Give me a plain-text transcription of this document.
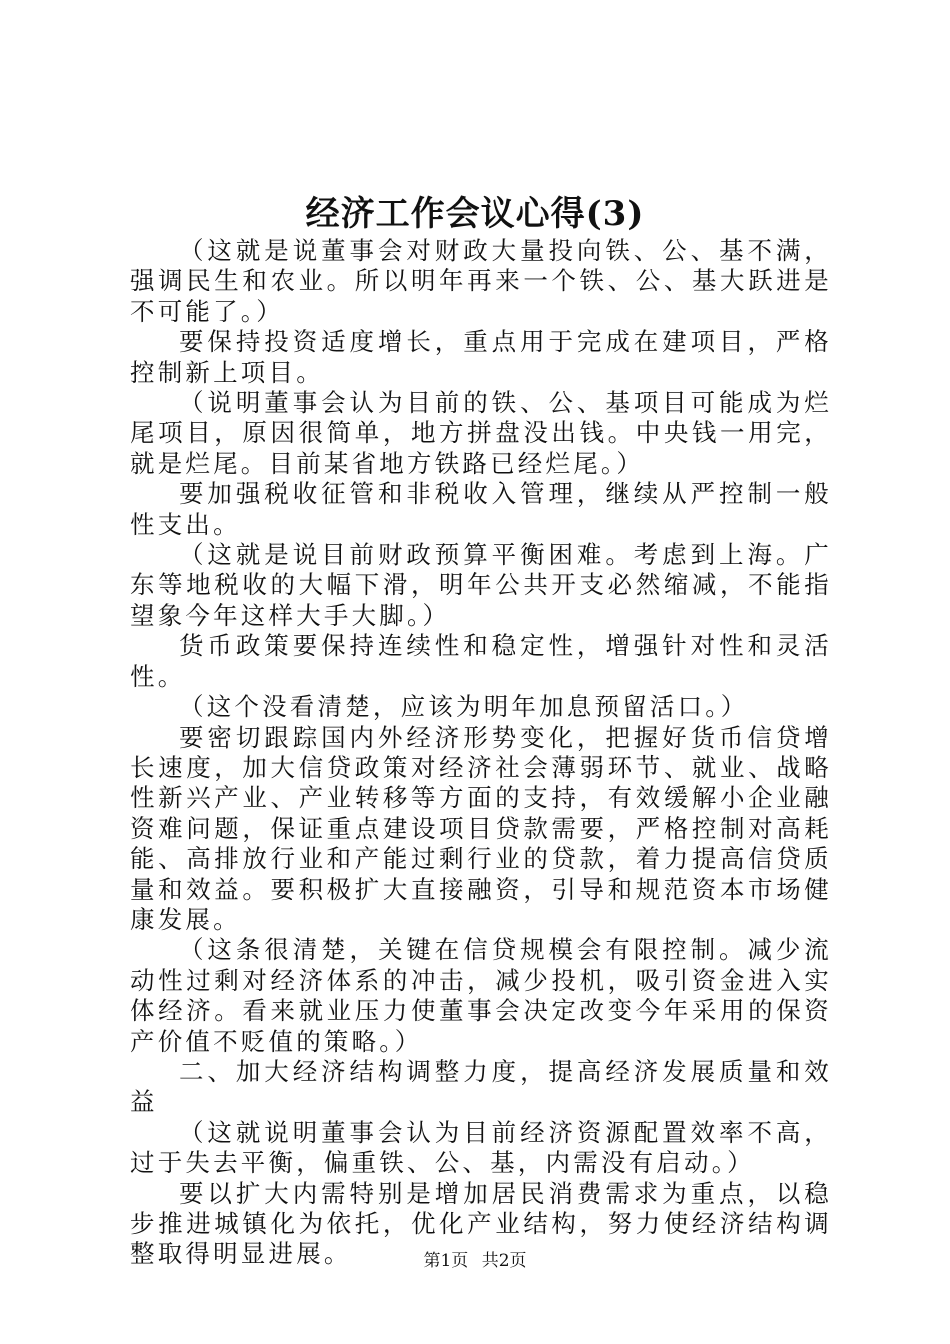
经济工作会议心得(3)

（这就是说董事会对财政大量投向铁、公、基不满，强调民生和农业。所以明年再来一个铁、公、基大跃进是不可能了。）

要保持投资适度增长，重点用于完成在建项目，严格控制新上项目。

（说明董事会认为目前的铁、公、基项目可能成为烂尾项目，原因很简单，地方拼盘没出钱。中央钱一用完，就是烂尾。目前某省地方铁路已经烂尾。）

要加强税收征管和非税收入管理，继续从严控制一般性支出。

（这就是说目前财政预算平衡困难。考虑到上海。广东等地税收的大幅下滑，明年公共开支必然缩减，不能指望象今年这样大手大脚。）

货币政策要保持连续性和稳定性，增强针对性和灵活性。

（这个没看清楚，应该为明年加息预留活口。）

要密切跟踪国内外经济形势变化，把握好货币信贷增长速度，加大信贷政策对经济社会薄弱环节、就业、战略性新兴产业、产业转移等方面的支持，有效缓解小企业融资难问题，保证重点建设项目贷款需要，严格控制对高耗能、高排放行业和产能过剩行业的贷款，着力提高信贷质量和效益。要积极扩大直接融资，引导和规范资本市场健康发展。

（这条很清楚，关键在信贷规模会有限控制。减少流动性过剩对经济体系的冲击，减少投机，吸引资金进入实体经济。看来就业压力使董事会决定改变今年采用的保资产价值不贬值的策略。）

二、加大经济结构调整力度，提高经济发展质量和效益

（这就说明董事会认为目前经济资源配置效率不高，过于失去平衡，偏重铁、公、基，内需没有启动。）

要以扩大内需特别是增加居民消费需求为重点，以稳步推进城镇化为依托，优化产业结构，努力使经济结构调整取得明显进展。	第1页 共2页
